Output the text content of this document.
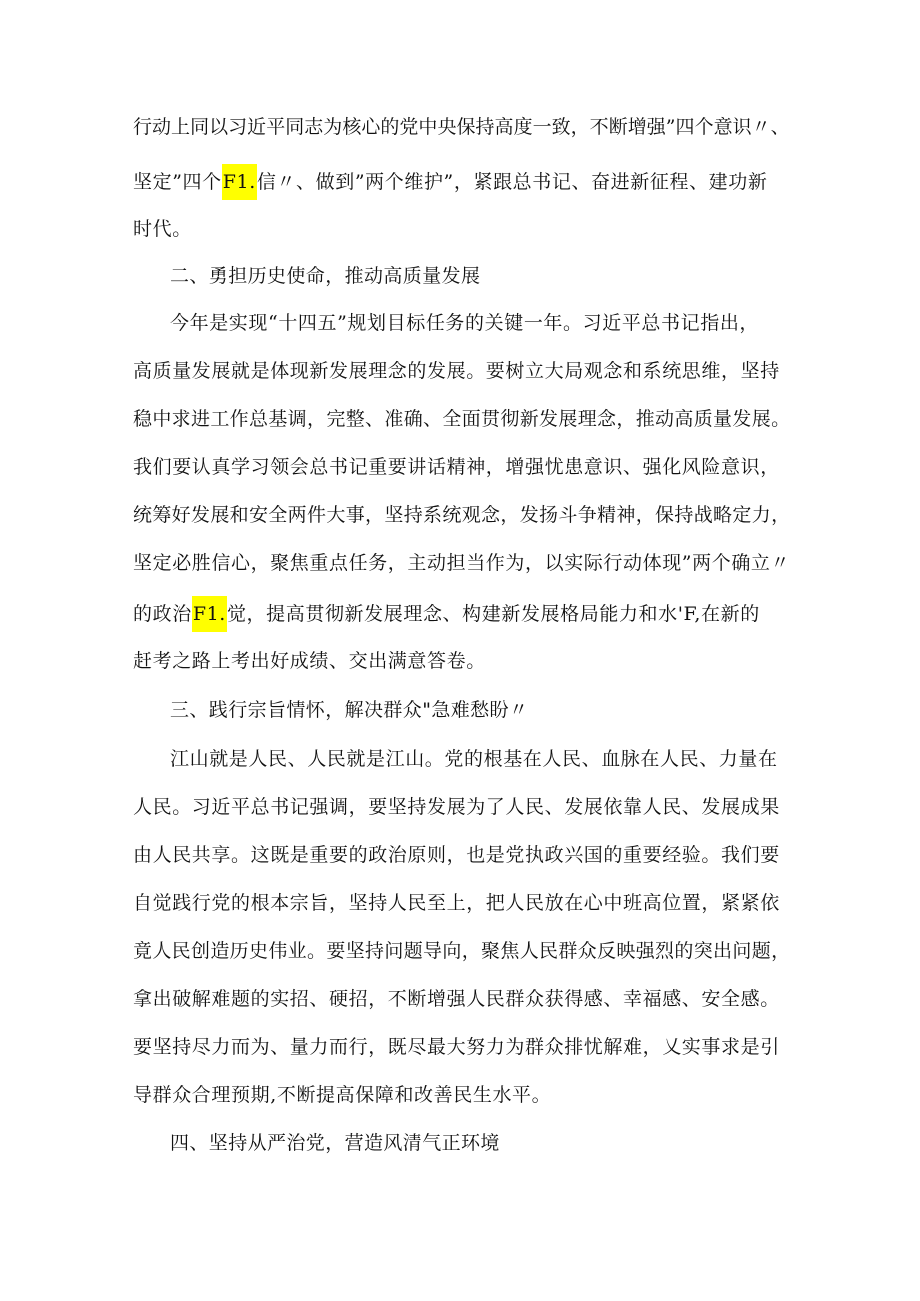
行动上同以习近平同志为核心的党中央保持高度一致，不断增强”四个意识〃、
坚定”四个F1.信〃、做到”两个维护”，紧跟总书记、奋进新征程、建功新
时代。
二、勇担历史使命，推动高质量发展
今年是实现“十四五”规划目标任务的关键一年。习近平总书记指出，
高质量发展就是体现新发展理念的发展。要树立大局观念和系统思维，坚持
稳中求进工作总基调，完整、准确、全面贯彻新发展理念，推动高质量发展。
我们要认真学习领会总书记重要讲话精神，增强忧患意识、强化风险意识，
统筹好发展和安全两件大事，坚持系统观念，发扬斗争精神，保持战略定力，
坚定必胜信心，聚焦重点任务，主动担当作为，以实际行动体现”两个确立〃
的政治F1.觉，提高贯彻新发展理念、构建新发展格局能力和水'F,在新的
赶考之路上考出好成绩、交出满意答卷。
三、践行宗旨情怀，解决群众"急难愁盼〃
江山就是人民、人民就是江山。党的根基在人民、血脉在人民、力量在
人民。习近平总书记强调，要坚持发展为了人民、发展依靠人民、发展成果
由人民共享。这既是重要的政治原则，也是党执政兴国的重要经验。我们要
自觉践行党的根本宗旨，坚持人民至上，把人民放在心中班高位置，紧紧依
竟人民创造历史伟业。要坚持问题导向，聚焦人民群众反映强烈的突出问题，
拿出破解难题的实招、硬招，不断增强人民群众获得感、幸福感、安全感。
要坚持尽力而为、量力而行，既尽最大努力为群众排忧解难，乂实事求是引
导群众合理预期,不断提高保障和改善民生水平。
四、坚持从严治党，营造风清气正环境
